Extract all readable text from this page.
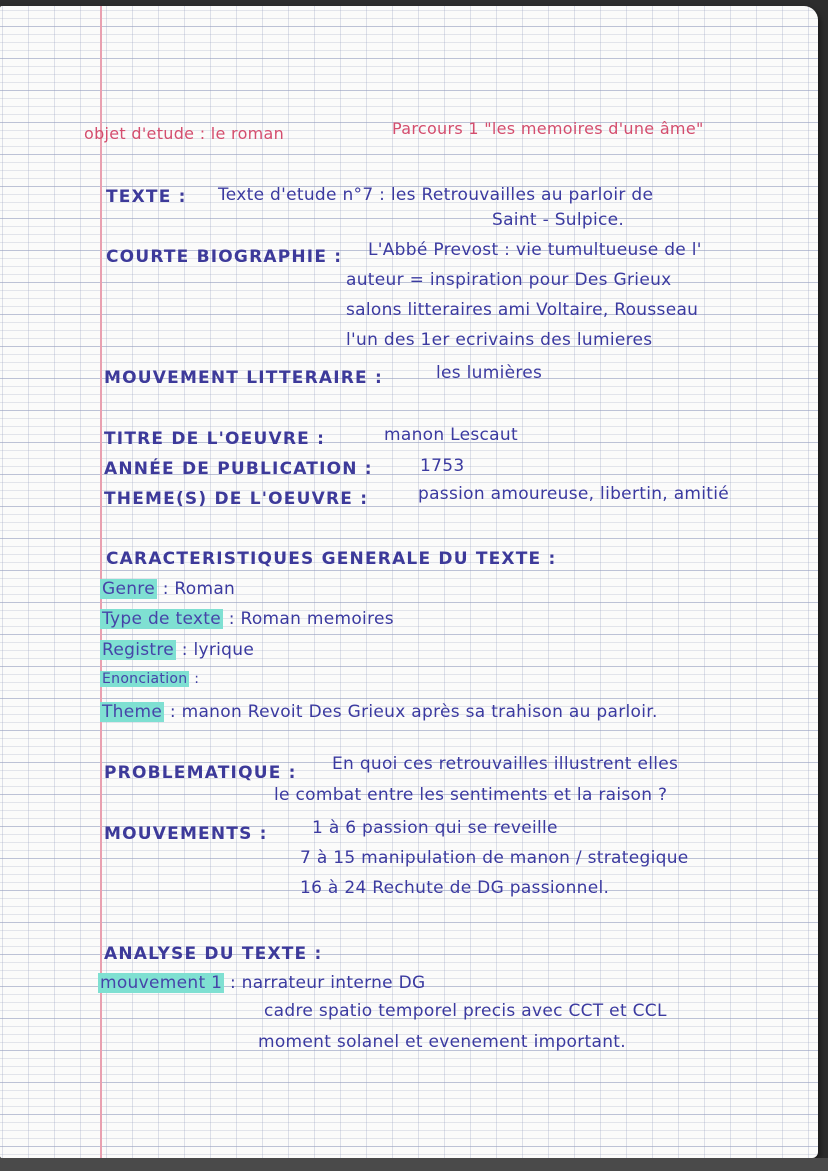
objet d'etude : le roman	Parcours 1 "les memoires d'une âme"
TEXTE : Texte d'etude n°7 : les Retrouvailles au parloir de
Saint - Sulpice.
COURTE BIOGRAPHIE : L'Abbé Prevost : vie tumultueuse de l'
auteur = inspiration pour Des Grieux
salons litteraires ami Voltaire, Rousseau
l'un des 1er ecrivains des lumieres
MOUVEMENT LITTERAIRE :	les lumières
TITRE DE L'OEUVRE :	manon Lescaut
ANNÉE DE PUBLICATION :	1753
THEME(S) DE L'OEUVRE :	passion amoureuse, libertin, amitié
CARACTERISTIQUES GENERALE DU TEXTE :
Genre : Roman
Type de texte : Roman memoires
Registre : lyrique
Enonciation :
Theme : manon Revoit Des Grieux après sa trahison au parloir.
PROBLEMATIQUE : En quoi ces retrouvailles illustrent elles
le combat entre les sentiments et la raison ?
MOUVEMENTS :	1 à 6 passion qui se reveille
7 à 15 manipulation de manon / strategique
16 à 24 Rechute de DG passionnel.
ANALYSE DU TEXTE :
mouvement 1 : narrateur interne DG
cadre spatio temporel precis avec CCT et CCL
moment solanel et evenement important.
